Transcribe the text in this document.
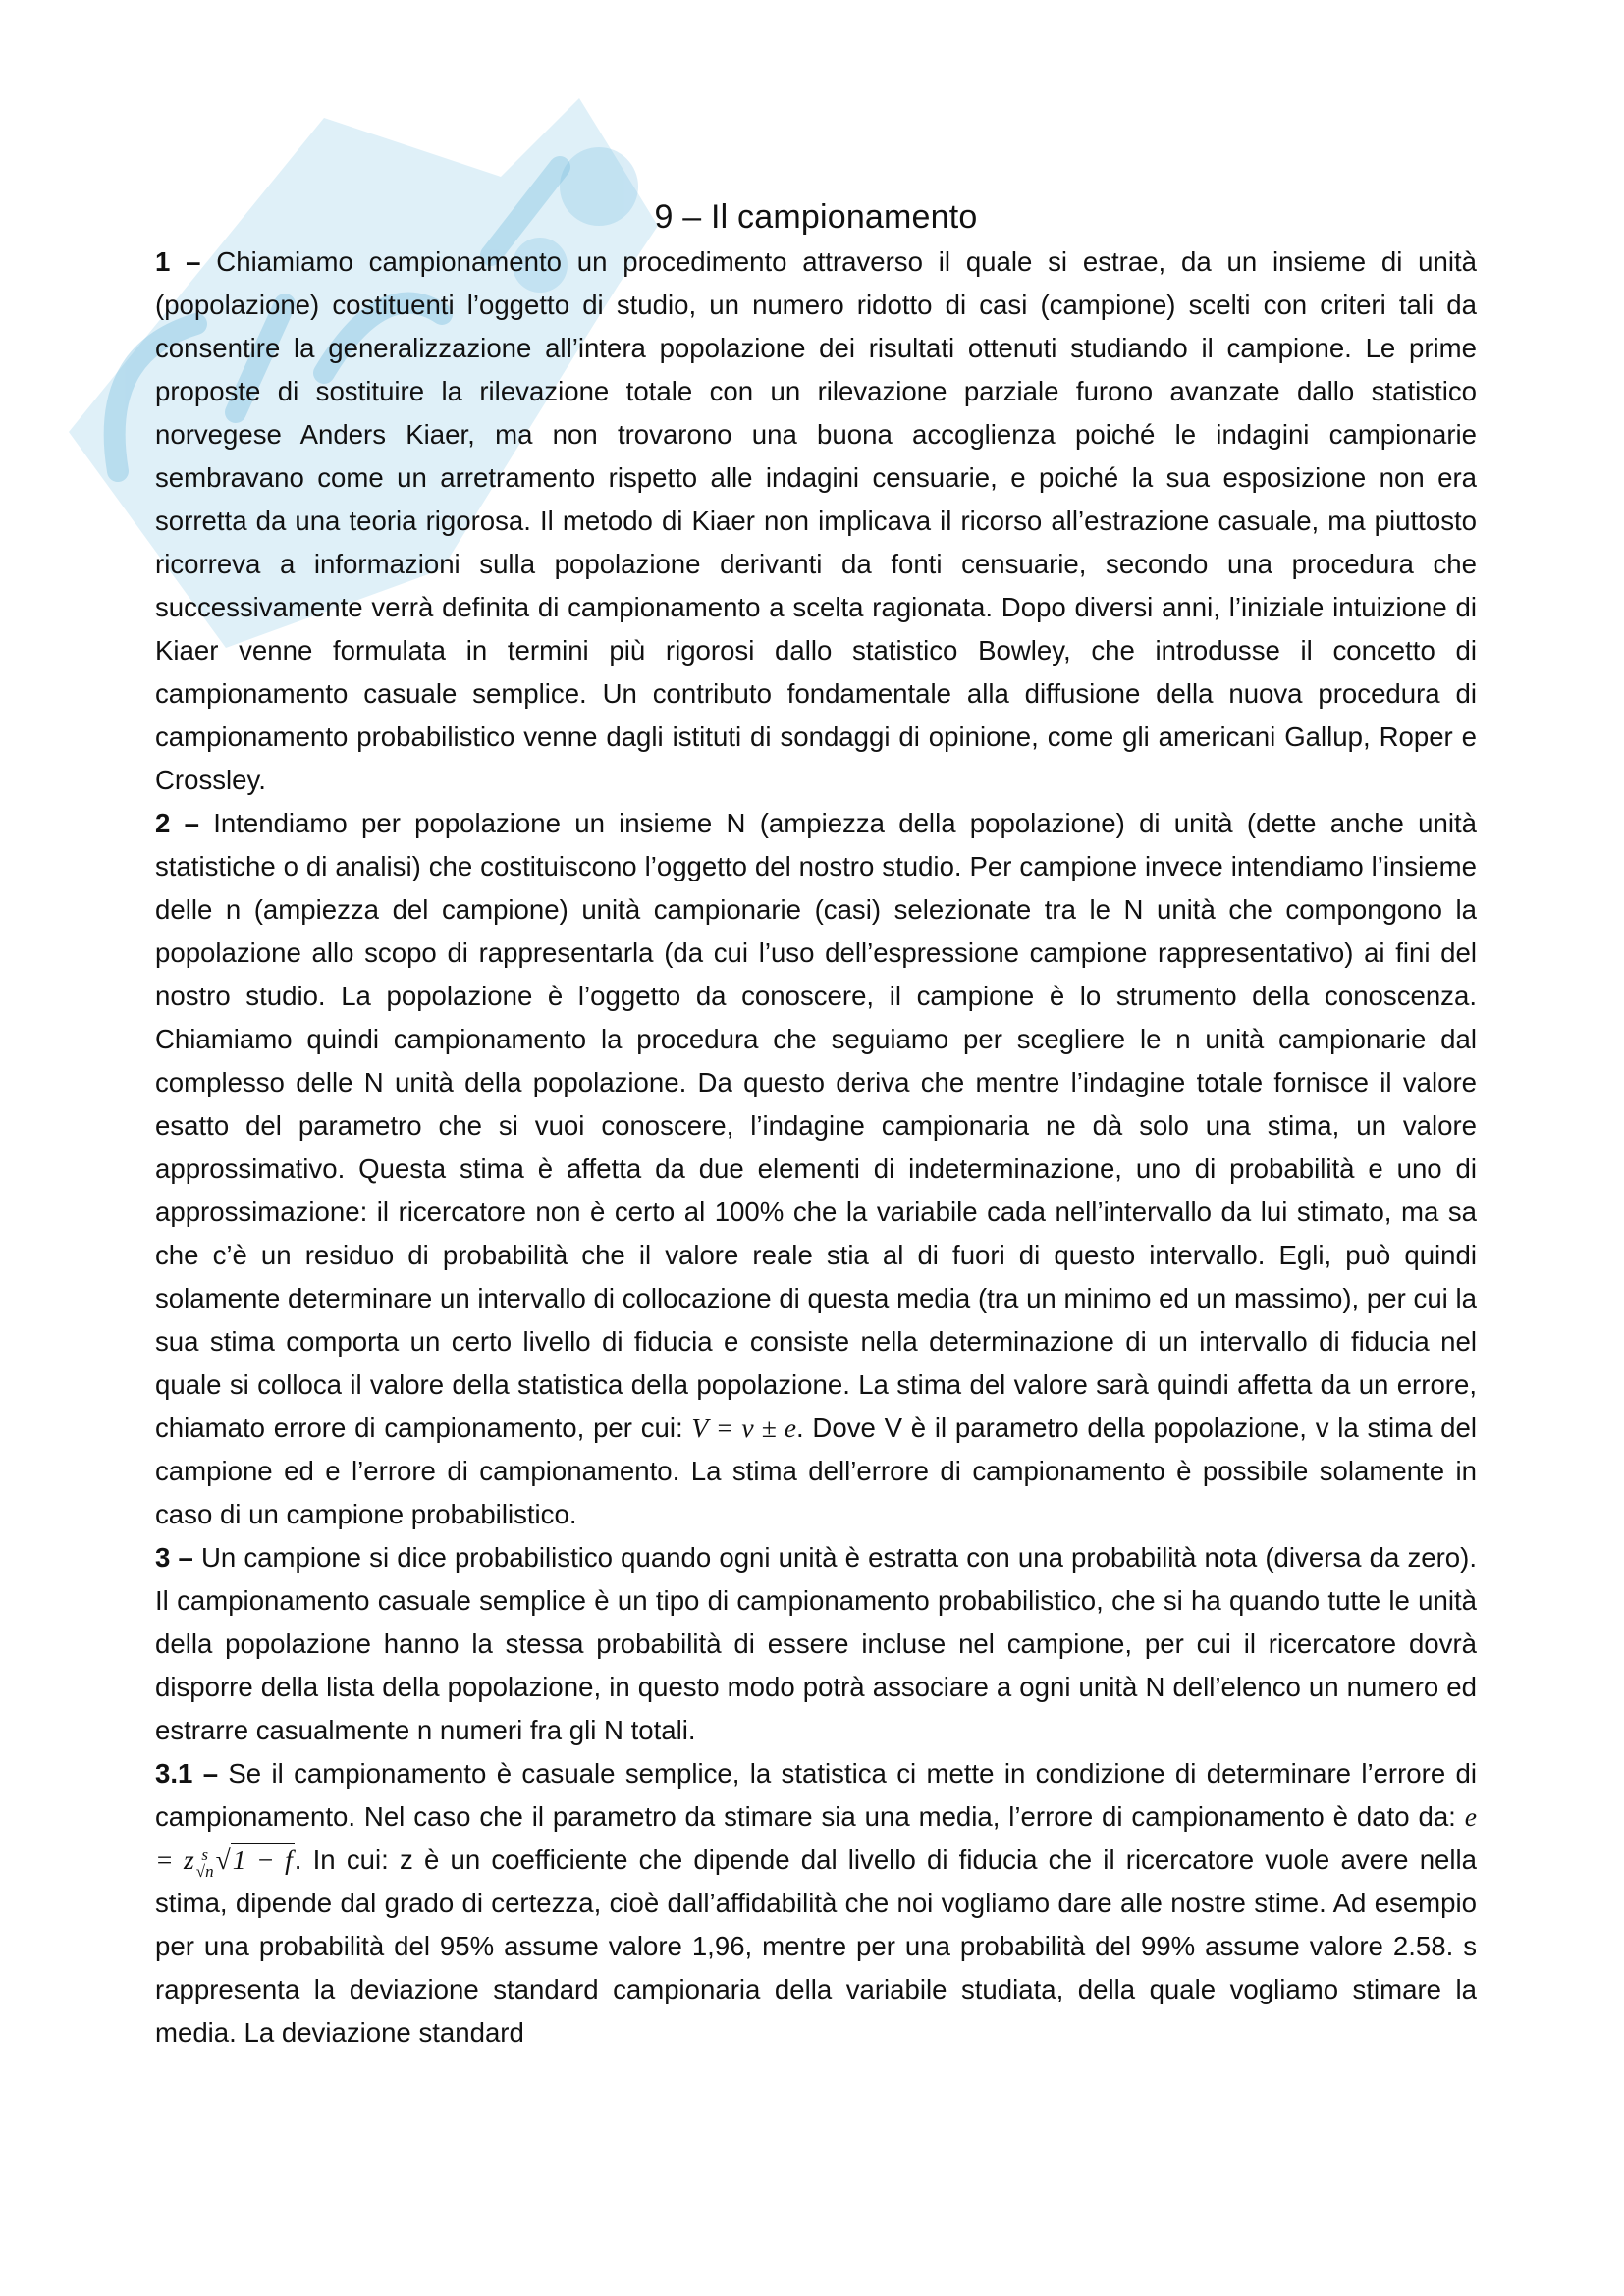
9 – Il campionamento

1 – Chiamiamo campionamento un procedimento attraverso il quale si estrae, da un insieme di unità (popolazione) costituenti l’oggetto di studio, un numero ridotto di casi (campione) scelti con criteri tali da consentire la generalizzazione all’intera popolazione dei risultati ottenuti studiando il campione. Le prime proposte di sostituire la rilevazione totale con un rilevazione parziale furono avanzate dallo statistico norvegese Anders Kiaer, ma non trovarono una buona accoglienza poiché le indagini campionarie sembravano come un arretramento rispetto alle indagini censuarie, e poiché la sua esposizione non era sorretta da una teoria rigorosa. Il metodo di Kiaer non implicava il ricorso all’estrazione casuale, ma piuttosto ricorreva a informazioni sulla popolazione derivanti da fonti censuarie, secondo una procedura che successivamente verrà definita di campionamento a scelta ragionata. Dopo diversi anni, l’iniziale intuizione di Kiaer venne formulata in termini più rigorosi dallo statistico Bowley, che introdusse il concetto di campionamento casuale semplice. Un contributo fondamentale alla diffusione della nuova procedura di campionamento probabilistico venne dagli istituti di sondaggi di opinione, come gli americani Gallup, Roper e Crossley.

2 – Intendiamo per popolazione un insieme N (ampiezza della popolazione) di unità (dette anche unità statistiche o di analisi) che costituiscono l’oggetto del nostro studio. Per campione invece intendiamo l’insieme delle n (ampiezza del campione) unità campionarie (casi) selezionate tra le N unità che compongono la popolazione allo scopo di rappresentarla (da cui l’uso dell’espressione campione rappresentativo) ai fini del nostro studio. La popolazione è l’oggetto da conoscere, il campione è lo strumento della conoscenza. Chiamiamo quindi campionamento la procedura che seguiamo per scegliere le n unità campionarie dal complesso delle N unità della popolazione. Da questo deriva che mentre l’indagine totale fornisce il valore esatto del parametro che si vuoi conoscere, l’indagine campionaria ne dà solo una stima, un valore approssimativo. Questa stima è affetta da due elementi di indeterminazione, uno di probabilità e uno di approssimazione: il ricercatore non è certo al 100% che la variabile cada nell’intervallo da lui stimato, ma sa che c’è un residuo di probabilità che il valore reale stia al di fuori di questo intervallo. Egli, può quindi solamente determinare un intervallo di collocazione di questa media (tra un minimo ed un massimo), per cui la sua stima comporta un certo livello di fiducia e consiste nella determinazione di un intervallo di fiducia nel quale si colloca il valore della statistica della popolazione. La stima del valore sarà quindi affetta da un errore, chiamato errore di campionamento, per cui: V = v ± e. Dove V è il parametro della popolazione, v la stima del campione ed e l’errore di campionamento. La stima dell’errore di campionamento è possibile solamente in caso di un campione probabilistico.

3 – Un campione si dice probabilistico quando ogni unità è estratta con una probabilità nota (diversa da zero). Il campionamento casuale semplice è un tipo di campionamento probabilistico, che si ha quando tutte le unità della popolazione hanno la stessa probabilità di essere incluse nel campione, per cui il ricercatore dovrà disporre della lista della popolazione, in questo modo potrà associare a ogni unità N dell’elenco un numero ed estrarre casualmente n numeri fra gli N totali.

3.1 – Se il campionamento è casuale semplice, la statistica ci mette in condizione di determinare l’errore di campionamento. Nel caso che il parametro da stimare sia una media, l’errore di campionamento è dato da: e = z s
√n √1 − f. In cui: z è un coefficiente che dipende dal livello di fiducia che il ricercatore vuole avere nella stima, dipende dal grado di certezza, cioè dall’affidabilità che noi vogliamo dare alle nostre stime. Ad esempio per una probabilità del 95% assume valore 1,96, mentre per una probabilità del 99% assume valore 2.58. s rappresenta la deviazione standard campionaria della variabile studiata, della quale vogliamo stimare la media. La deviazione standard
